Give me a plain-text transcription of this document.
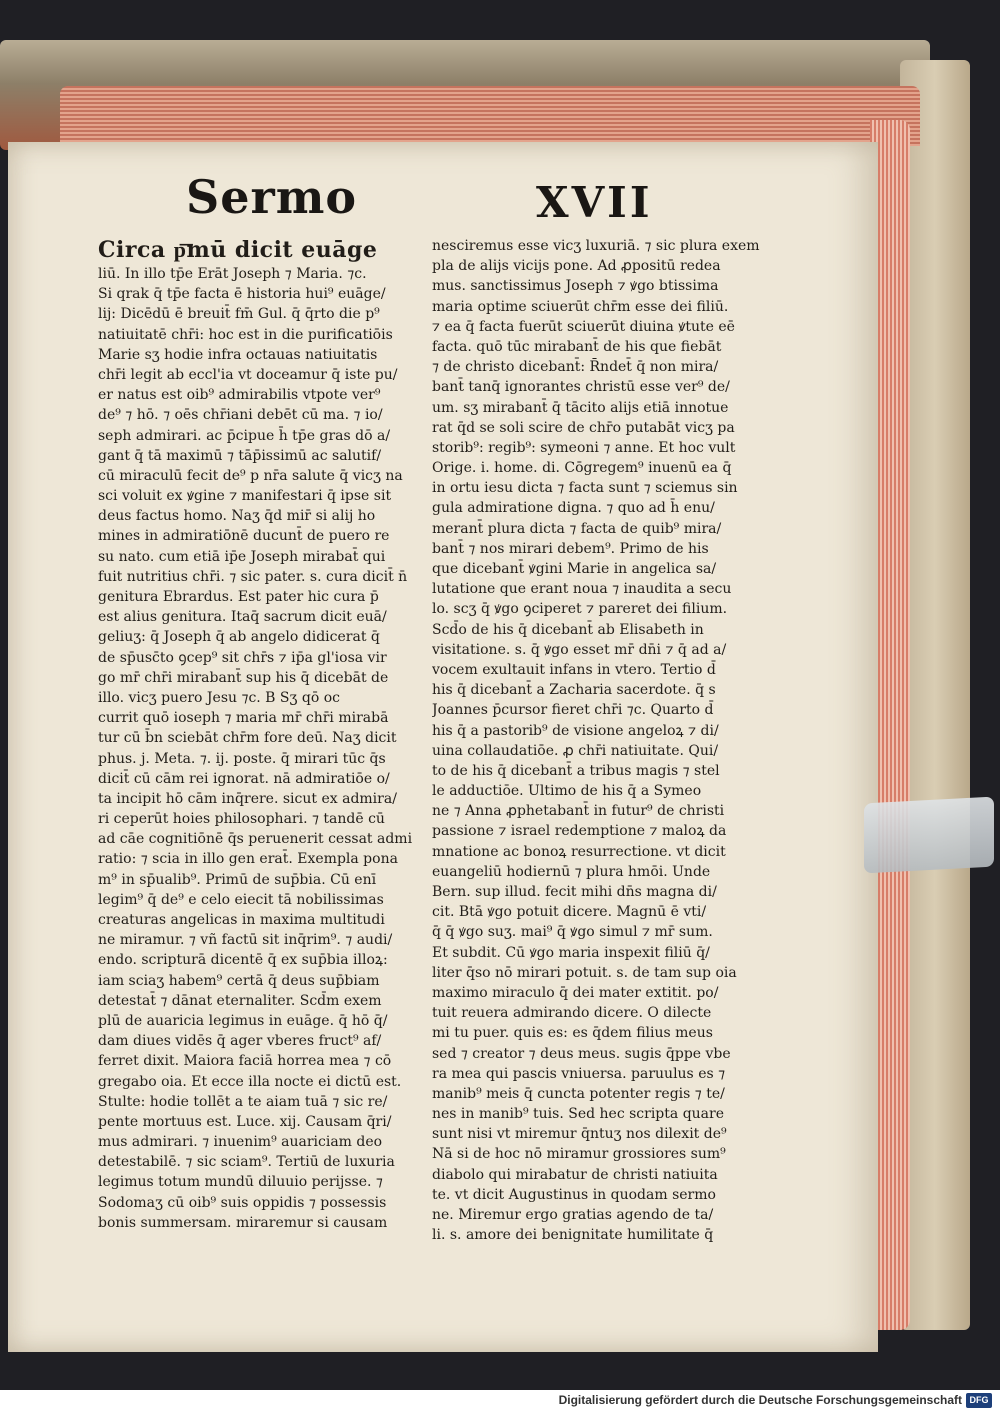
Sermo	XVII
Circa p͞mū dicit euāge
liū. In illo tp̄e Erāt Joseph ⁊ Maria. ⁊c.
Si qrak q̄ tp̄e facta ē historia hui⁹ euāge/
lij: Dicēdū ē breuit̄ fm̄ Gul. q̄ q̄rto die p⁹
natiuitatē chr̄i: hoc est in die purificatiōis
Marie sʒ hodie infra octauas natiuitatis
chr̄i legit ab eccl'ia vt doceamur q̄ iste pu/
er natus est oib⁹ admirabilis vtpote ver⁹
de⁹ ⁊ hō. ⁊ oēs chr̄iani debēt cū ma. ⁊ io/
seph admirari. ac p̄cipue h̄ tp̄e gras dō a/
gant q̄ tā maximū ⁊ tāp̄issimū ac salutif/
cū miraculū fecit de⁹ p nr̄a salute q̄ vicʒ na
sci voluit ex ꝟgine ⁊ manifestari q̄ ipse sit
deus factus homo. Naʒ q̄d mir̄ si alij ho
mines in admiratiōnē ducunt̄ de puero re
su nato. cum etiā ip̄e Joseph mirabat̄ qui
fuit nutritius chr̄i. ⁊ sic pater. s. cura dicit̄ n̄
genitura Ebrardus. Est pater hic cura p̄
est alius genitura. Itaq̄ sacrum dicit euā/
geliuʒ: q̄ Joseph q̄ ab angelo didicerat q̄
de sp̄usc̄to ꝯcep⁹ sit chr̄s ⁊ ip̄a gl'iosa vir
go mr̄ chr̄i mirabant̄ sup his q̄ dicebāt de
illo. vicʒ puero Jesu ⁊c. B Sʒ qō oc
currit quō ioseph ⁊ maria mr̄ chr̄i mirabā
tur cū b̄n sciebāt chr̄m fore deū. Naʒ dicit
phus. j. Meta. ⁊. ij. poste. q̄ mirari tūc q̄s
dicit̄ cū cām rei ignorat. nā admiratiōe o/
ta incipit hō cām inq̄rere. sicut ex admira/
ri ceperūt hoies philosophari. ⁊ tandē cū
ad cāe cognitiōnē q̄s peruenerit cessat admi
ratio: ⁊ scia in illo gen erat̄. Exempla pona
m⁹ in sp̄ualib⁹. Primū de sup̄bia. Cū enī
legim⁹ q̄ de⁹ e celo eiecit tā nobilissimas
creaturas angelicas in maxima multitudi
ne miramur. ⁊ vñ factū sit inq̄rim⁹. ⁊ audi/
endo. scripturā dicentē q̄ ex sup̄bia illoꝝ:
iam sciaʒ habem⁹ certā q̄ deus sup̄biam
detestat̄ ⁊ dānat eternaliter. Scd̄m exem
plū de auaricia legimus in euāge. q̄ hō q̄/
dam diues vidēs q̄ ager vberes fruct⁹ af/
ferret dixit. Maiora faciā horrea mea ⁊ cō
gregabo oia. Et ecce illa nocte ei dictū est.
Stulte: hodie tollēt a te aiam tuā ⁊ sic re/
pente mortuus est. Luce. xij. Causam q̄ri/
mus admirari. ⁊ inuenim⁹ auariciam deo
detestabilē. ⁊ sic sciam⁹. Tertiū de luxuria
legimus totum mundū diluuio perijsse. ⁊
Sodomaʒ cū oib⁹ suis oppidis ⁊ possessis
bonis summersam. miraremur si causam
nesciremus esse vicʒ luxuriā. ⁊ sic plura exem
pla de alijs vicijs pone. Ad ꝓpositū redea
mus. sanctissimus Joseph ⁊ ꝟgo btissima
maria optime sciuerūt chr̄m esse dei filiū.
⁊ ea q̄ facta fuerūt sciuerūt diuina ꝟtute eē
facta. quō tūc mirabant̄ de his que fiebāt
⁊ de christo dicebant̄: R̄ndet̄ q̄ non mira/
bant̄ tanq̄ ignorantes christū esse ver⁹ de/
um. sʒ mirabant̄ q̄ tācito alijs etiā innotue
rat q̄d se soli scire de chr̄o putabāt vicʒ pa
storib⁹: regib⁹: symeoni ⁊ anne. Et hoc vult
Orige. i. home. di. Cōgregem⁹ inuenū ea q̄
in ortu iesu dicta ⁊ facta sunt ⁊ sciemus sin
gula admiratione digna. ⁊ quo ad h̄ enu/
merant̄ plura dicta ⁊ facta de quib⁹ mira/
bant̄ ⁊ nos mirari debem⁹. Primo de his
que dicebant̄ ꝟgini Marie in angelica sa/
lutatione que erant noua ⁊ inaudita a secu
lo. scʒ q̄ ꝟgo ꝯciperet ⁊ pareret dei filium.
Scd̄o de his q̄ dicebant̄ ab Elisabeth in
visitatione. s. q̄ ꝟgo esset mr̄ dn̄i ⁊ q̄ ad a/
vocem exultauit infans in vtero. Tertio d̄
his q̄ dicebant̄ a Zacharia sacerdote. q̄ s
Joannes p̄cursor fieret chr̄i ⁊c. Quarto d̄
his q̄ a pastorib⁹ de visione angeloꝝ ⁊ di/
uina collaudatiōe. ꝓ chr̄i natiuitate. Qui/
to de his q̄ dicebant̄ a tribus magis ⁊ stel
le adductiōe. Ultimo de his q̄ a Symeo
ne ⁊ Anna ꝓphetabant̄ in futur⁹ de christi
passione ⁊ israel redemptione ⁊ maloꝝ da
mnatione ac bonoꝝ resurrectione. vt dicit
euangeliū hodiernū ⁊ plura hmōi. Unde
Bern. sup illud. fecit mihi dn̄s magna di/
cit. Btā ꝟgo potuit dicere. Magnū ē vti/
q̄ q̄ ꝟgo suʒ. mai⁹ q̄ ꝟgo simul ⁊ mr̄ sum.
Et subdit. Cū ꝟgo maria inspexit filiū q̄/
liter q̄so nō mirari potuit. s. de tam sup oia
maximo miraculo q̄ dei mater extitit. po/
tuit reuera admirando dicere. O dilecte
mi tu puer. quis es: es q̄dem filius meus
sed ⁊ creator ⁊ deus meus. sugis q̄ppe vbe
ra mea qui pascis vniuersa. paruulus es ⁊
manib⁹ meis q̄ cuncta potenter regis ⁊ te/
nes in manib⁹ tuis. Sed hec scripta quare
sunt nisi vt miremur q̄ntuʒ nos dilexit de⁹
Nā si de hoc nō miramur grossiores sum⁹
diabolo qui mirabatur de christi natiuita
te. vt dicit Augustinus in quodam sermo
ne. Miremur ergo gratias agendo de ta/
li. s. amore dei benignitate humilitate q̄
Digitalisierung gefördert durch die Deutsche Forschungsgemeinschaft DFG
